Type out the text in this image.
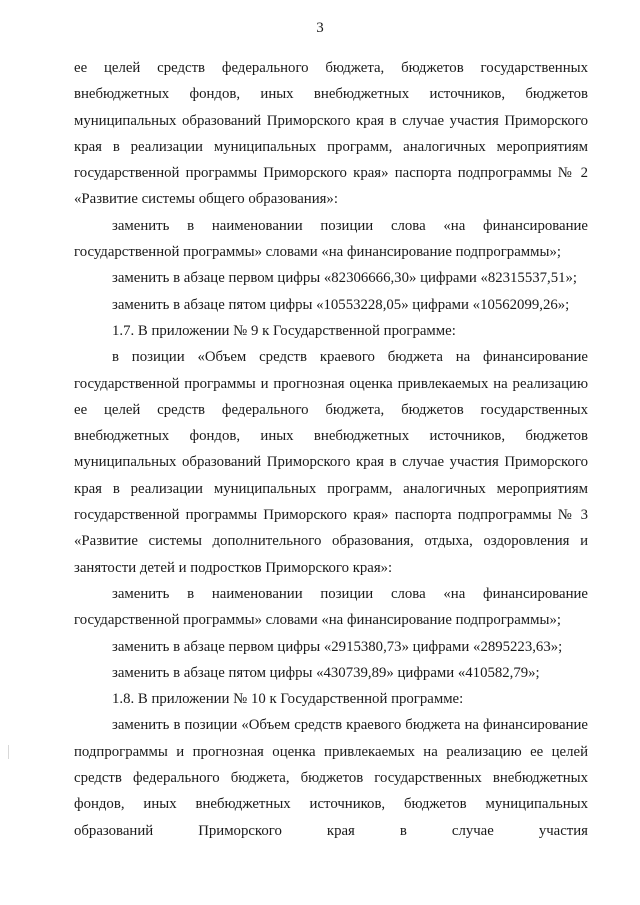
3

ее целей средств федерального бюджета, бюджетов государственных внебюджетных фондов, иных внебюджетных источников, бюджетов муниципальных образований Приморского края в случае участия Приморского края в реализации муниципальных программ, аналогичных мероприятиям государственной программы Приморского края» паспорта подпрограммы № 2 «Развитие системы общего образования»:

заменить в наименовании позиции слова «на финансирование государственной программы» словами «на финансирование подпрограммы»;

заменить в абзаце первом цифры «82306666,30» цифрами «82315537,51»;

заменить в абзаце пятом цифры «10553228,05» цифрами «10562099,26»;

1.7. В приложении № 9 к Государственной программе:

в позиции «Объем средств краевого бюджета на финансирование государственной программы и прогнозная оценка привлекаемых на реализацию ее целей средств федерального бюджета, бюджетов государственных внебюджетных фондов, иных внебюджетных источников, бюджетов муниципальных образований Приморского края в случае участия Приморского края в реализации муниципальных программ, аналогичных мероприятиям государственной программы Приморского края» паспорта подпрограммы № 3 «Развитие системы дополнительного образования, отдыха, оздоровления и занятости детей и подростков Приморского края»:

заменить в наименовании позиции слова «на финансирование государственной программы» словами «на финансирование подпрограммы»;

заменить в абзаце первом цифры «2915380,73» цифрами «2895223,63»;

заменить в абзаце пятом цифры «430739,89» цифрами «410582,79»;

1.8. В приложении № 10 к Государственной программе:

заменить в позиции «Объем средств краевого бюджета на финансирование подпрограммы и прогнозная оценка привлекаемых на реализацию ее целей средств федерального бюджета, бюджетов государственных внебюджетных фондов, иных внебюджетных источников, бюджетов муниципальных образований Приморского края в случае участия
